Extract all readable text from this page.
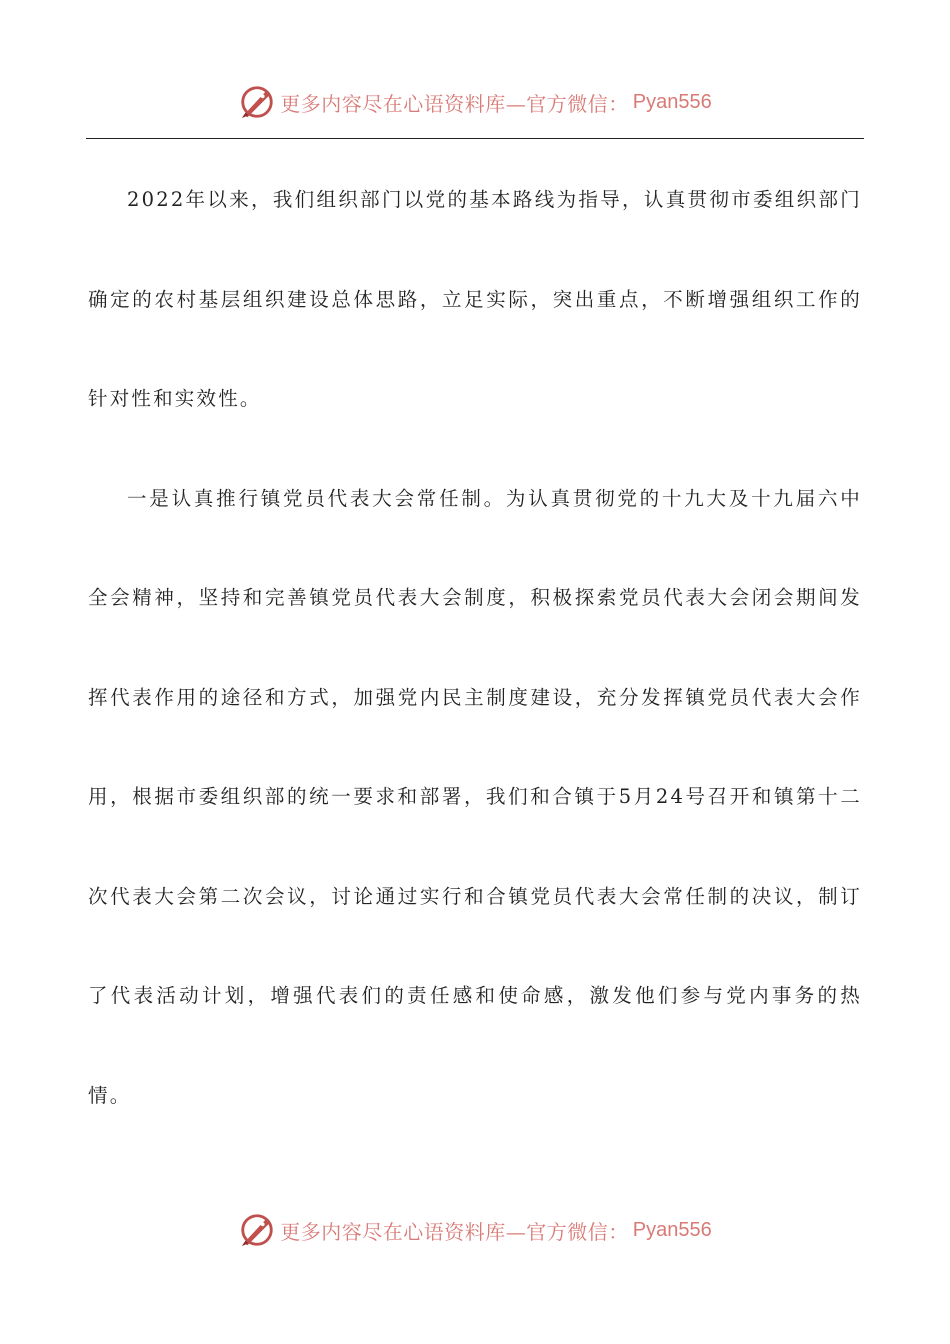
更多内容尽在心语资料库—官方微信： Pyan556

2022年以来，我们组织部门以党的基本路线为指导，认真贯彻市委组织部门确定的农村基层组织建设总体思路，立足实际，突出重点，不断增强组织工作的针对性和实效性。

一是认真推行镇党员代表大会常任制。为认真贯彻党的十九大及十九届六中全会精神，坚持和完善镇党员代表大会制度，积极探索党员代表大会闭会期间发挥代表作用的途径和方式，加强党内民主制度建设，充分发挥镇党员代表大会作用，根据市委组织部的统一要求和部署，我们和合镇于5月24号召开和镇第十二次代表大会第二次会议，讨论通过实行和合镇党员代表大会常任制的决议，制订了代表活动计划，增强代表们的责任感和使命感，激发他们参与党内事务的热情。

更多内容尽在心语资料库—官方微信： Pyan556
